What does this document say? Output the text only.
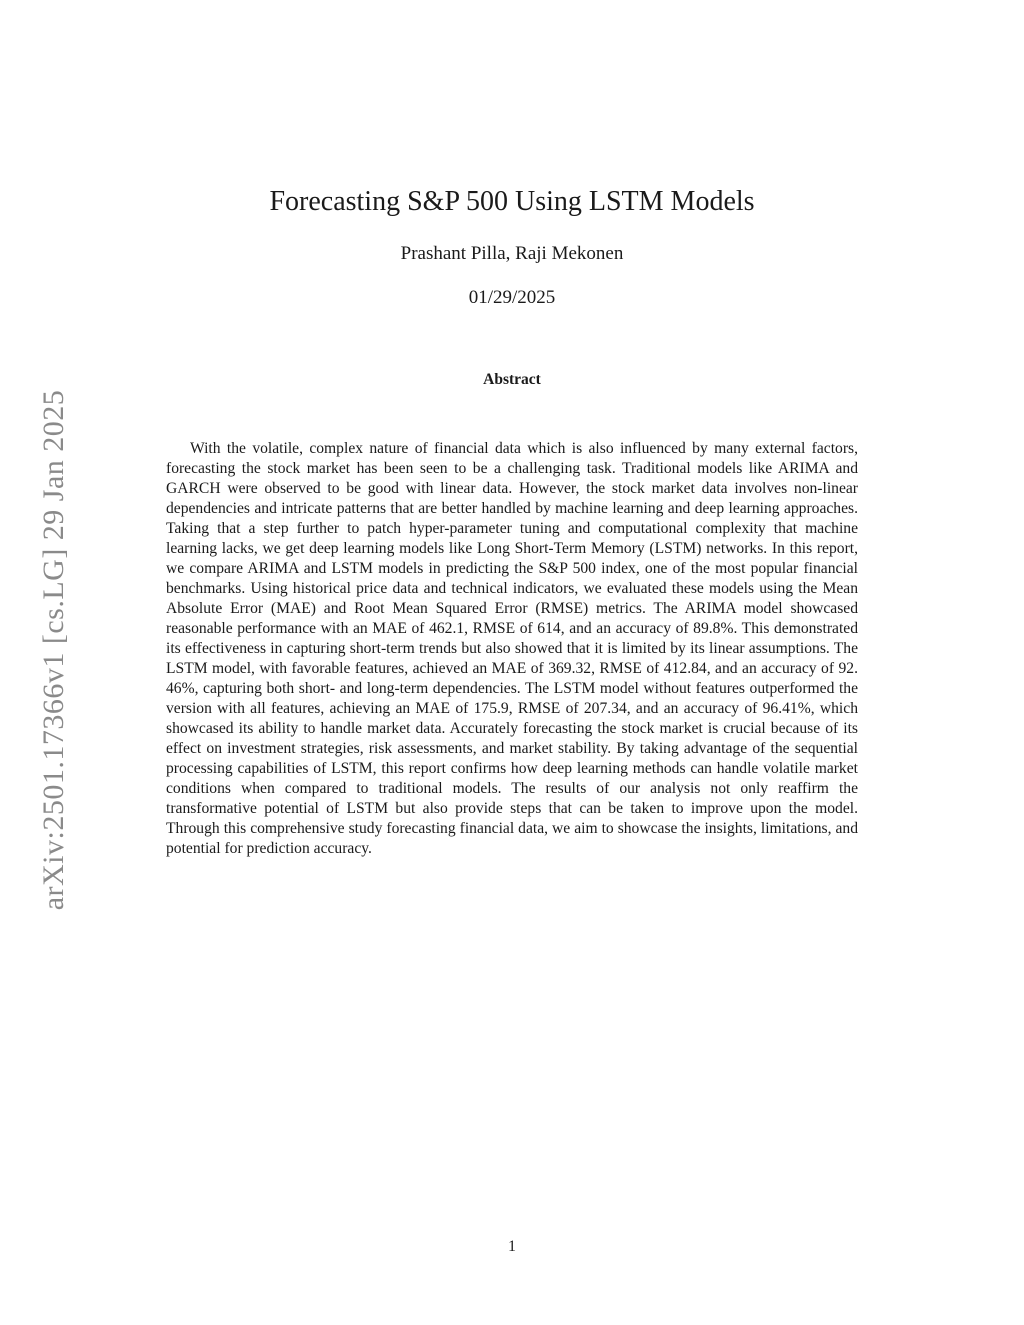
arXiv:2501.17366v1 [cs.LG] 29 Jan 2025
Forecasting S&P 500 Using LSTM Models
Prashant Pilla, Raji Mekonen
01/29/2025
Abstract

With the volatile, complex nature of financial data which is also influenced by many external factors, forecasting the stock market has been seen to be a challenging task. Traditional models like ARIMA and GARCH were observed to be good with linear data. However, the stock market data involves non-linear dependencies and intricate patterns that are better handled by machine learning and deep learning approaches. Taking that a step further to patch hyper-parameter tuning and computational complexity that machine learning lacks, we get deep learning models like Long Short-Term Memory (LSTM) networks. In this report, we compare ARIMA and LSTM models in predicting the S&P 500 index, one of the most popular financial benchmarks. Using historical price data and technical indicators, we evaluated these models using the Mean Absolute Error (MAE) and Root Mean Squared Error (RMSE) metrics. The ARIMA model showcased reasonable performance with an MAE of 462.1, RMSE of 614, and an accuracy of 89.8%. This demonstrated its effectiveness in capturing short-term trends but also showed that it is limited by its linear assumptions. The LSTM model, with favorable features, achieved an MAE of 369.32, RMSE of 412.84, and an accuracy of 92. 46%, capturing both short- and long-term dependencies. The LSTM model without features outperformed the version with all features, achieving an MAE of 175.9, RMSE of 207.34, and an accuracy of 96.41%, which showcased its ability to handle market data. Accurately forecasting the stock market is crucial because of its effect on investment strategies, risk assessments, and market stability. By taking advantage of the sequential processing capabilities of LSTM, this report confirms how deep learning methods can handle volatile market conditions when compared to traditional models. The results of our analysis not only reaffirm the transformative potential of LSTM but also provide steps that can be taken to improve upon the model. Through this comprehensive study forecasting financial data, we aim to showcase the insights, limitations, and potential for prediction accuracy.

1
